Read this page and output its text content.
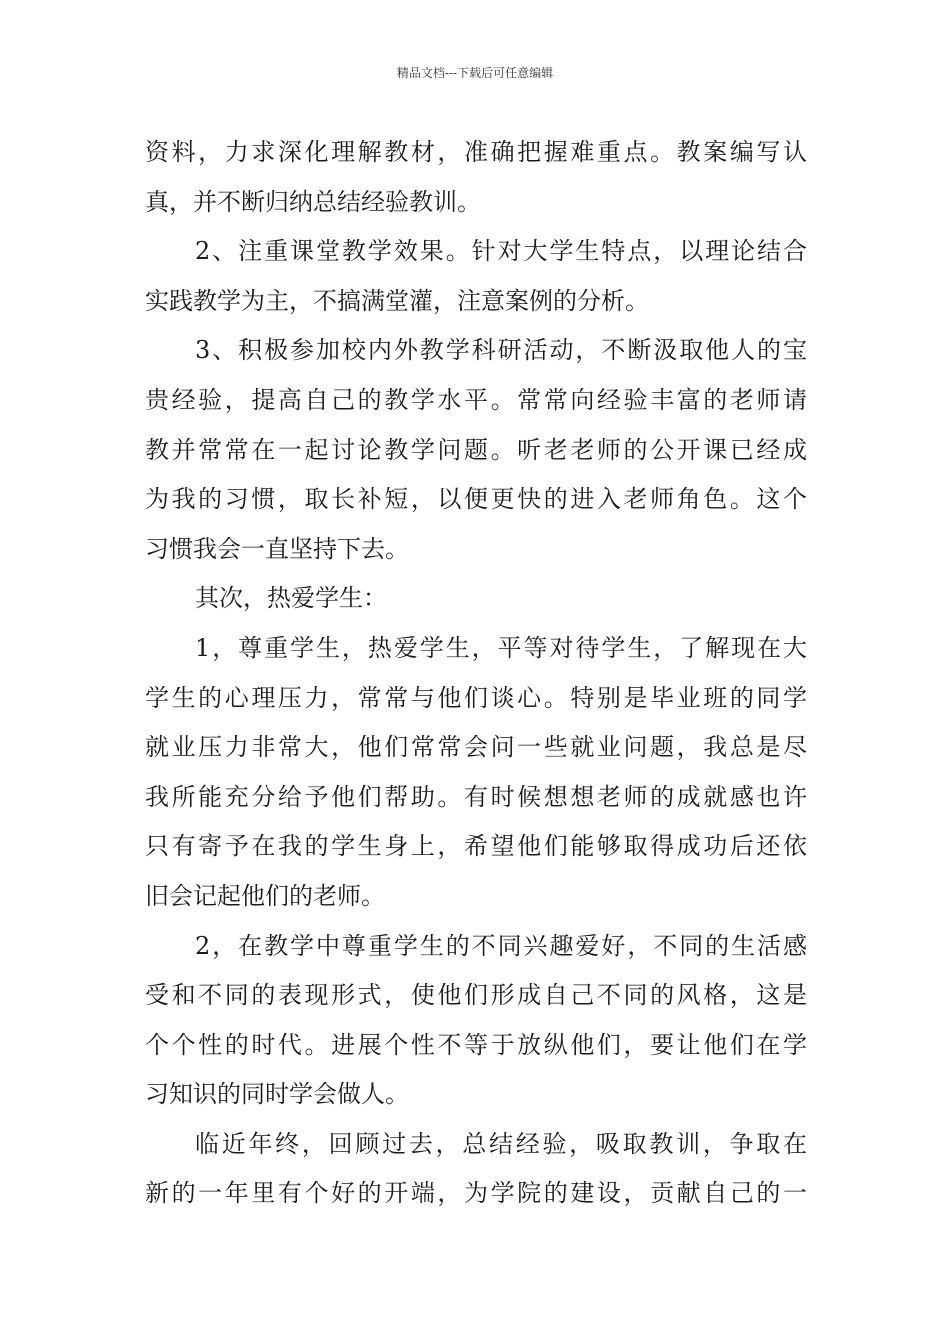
精品文档---下载后可任意编辑
资料，力求深化理解教材，准确把握难重点。教案编写认
真，并不断归纳总结经验教训。
2、注重课堂教学效果。针对大学生特点，以理论结合
实践教学为主，不搞满堂灌，注意案例的分析。
3、积极参加校内外教学科研活动，不断汲取他人的宝
贵经验，提高自己的教学水平。常常向经验丰富的老师请
教并常常在一起讨论教学问题。听老老师的公开课已经成
为我的习惯，取长补短，以便更快的进入老师角色。这个
习惯我会一直坚持下去。
其次，热爱学生：
1，尊重学生，热爱学生，平等对待学生，了解现在大
学生的心理压力，常常与他们谈心。特别是毕业班的同学
就业压力非常大，他们常常会问一些就业问题，我总是尽
我所能充分给予他们帮助。有时候想想老师的成就感也许
只有寄予在我的学生身上，希望他们能够取得成功后还依
旧会记起他们的老师。
2，在教学中尊重学生的不同兴趣爱好，不同的生活感
受和不同的表现形式，使他们形成自己不同的风格，这是
个个性的时代。进展个性不等于放纵他们，要让他们在学
习知识的同时学会做人。
临近年终，回顾过去，总结经验，吸取教训，争取在
新的一年里有个好的开端，为学院的建设，贡献自己的一
